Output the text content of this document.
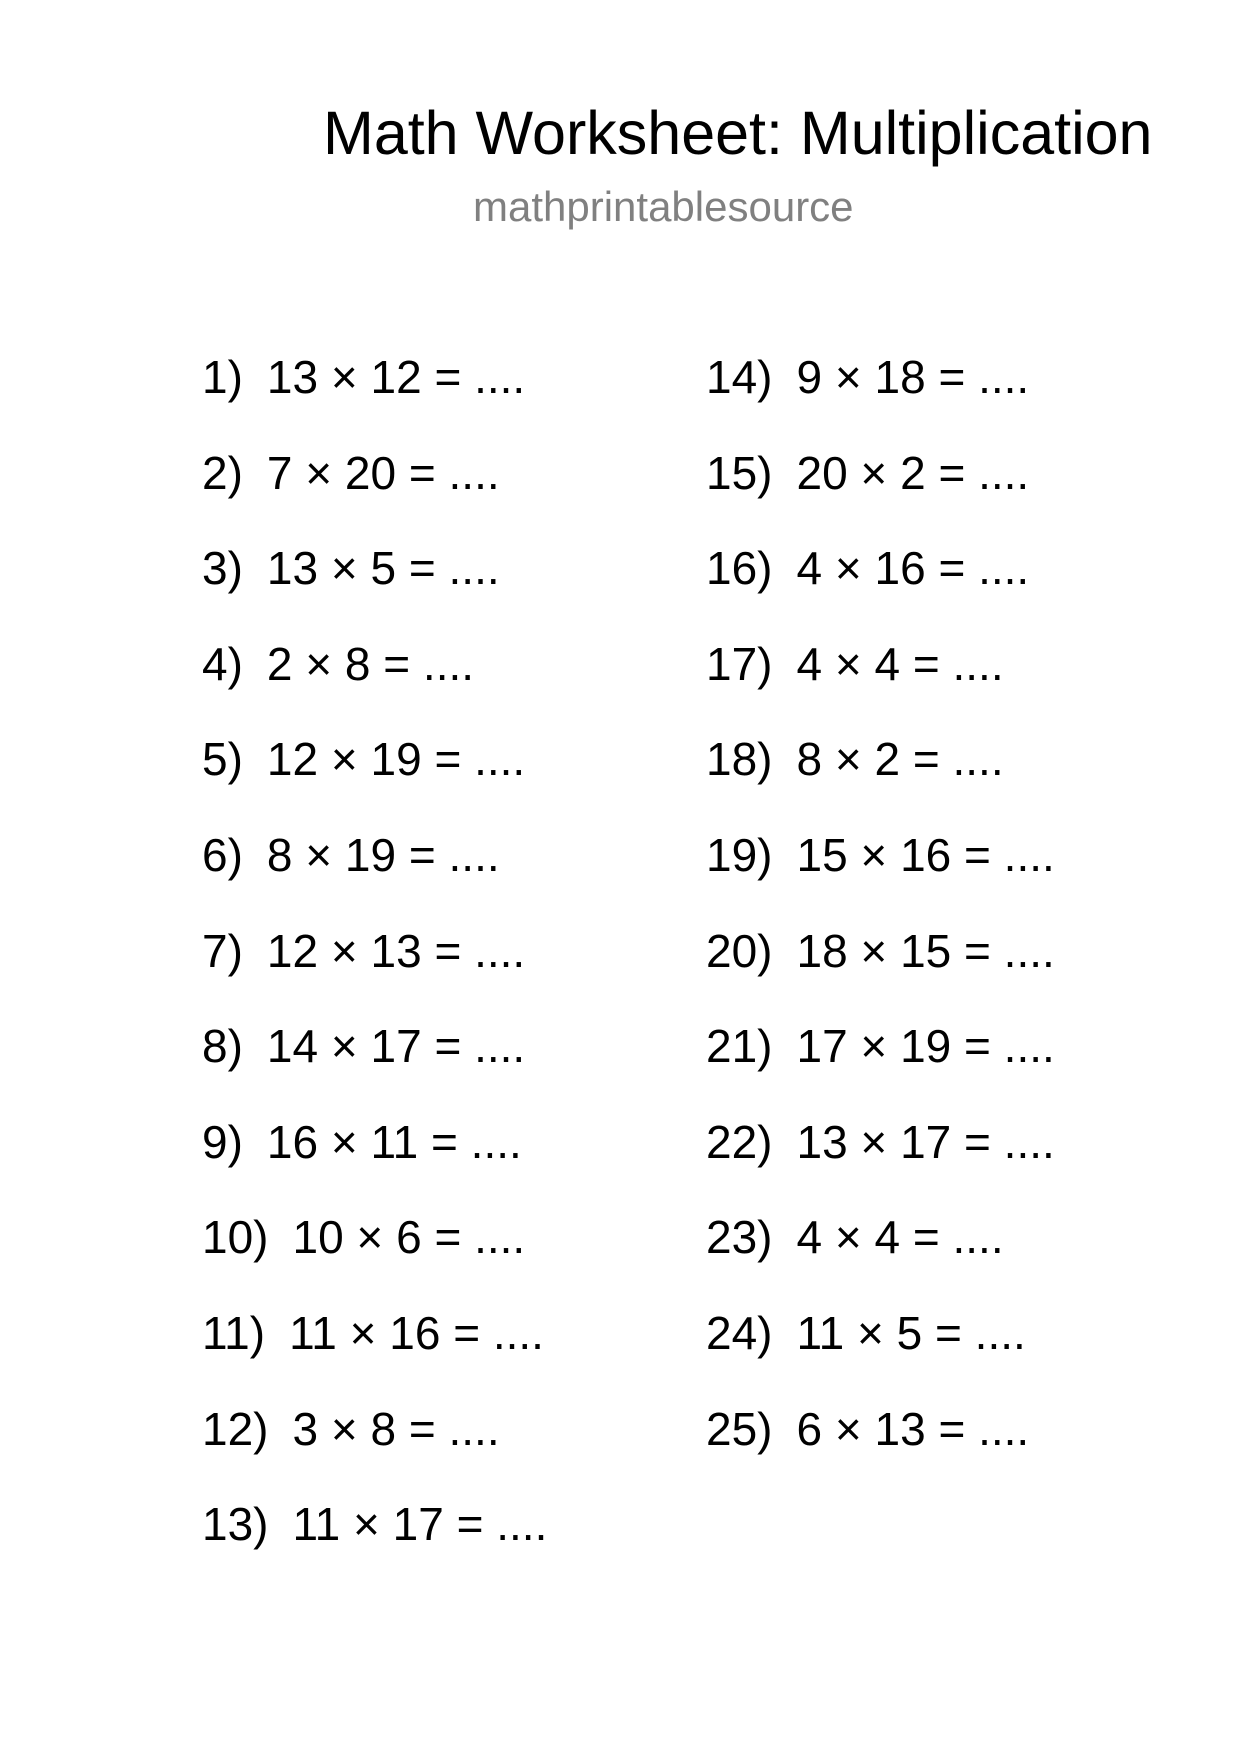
Math Worksheet: Multiplication
mathprintablesource
1) 13 × 12 = ....
2) 7 × 20 = ....
3) 13 × 5 = ....
4) 2 × 8 = ....
5) 12 × 19 = ....
6) 8 × 19 = ....
7) 12 × 13 = ....
8) 14 × 17 = ....
9) 16 × 11 = ....
10) 10 × 6 = ....
11) 11 × 16 = ....
12) 3 × 8 = ....
13) 11 × 17 = ....
14) 9 × 18 = ....
15) 20 × 2 = ....
16) 4 × 16 = ....
17) 4 × 4 = ....
18) 8 × 2 = ....
19) 15 × 16 = ....
20) 18 × 15 = ....
21) 17 × 19 = ....
22) 13 × 17 = ....
23) 4 × 4 = ....
24) 11 × 5 = ....
25) 6 × 13 = ....
